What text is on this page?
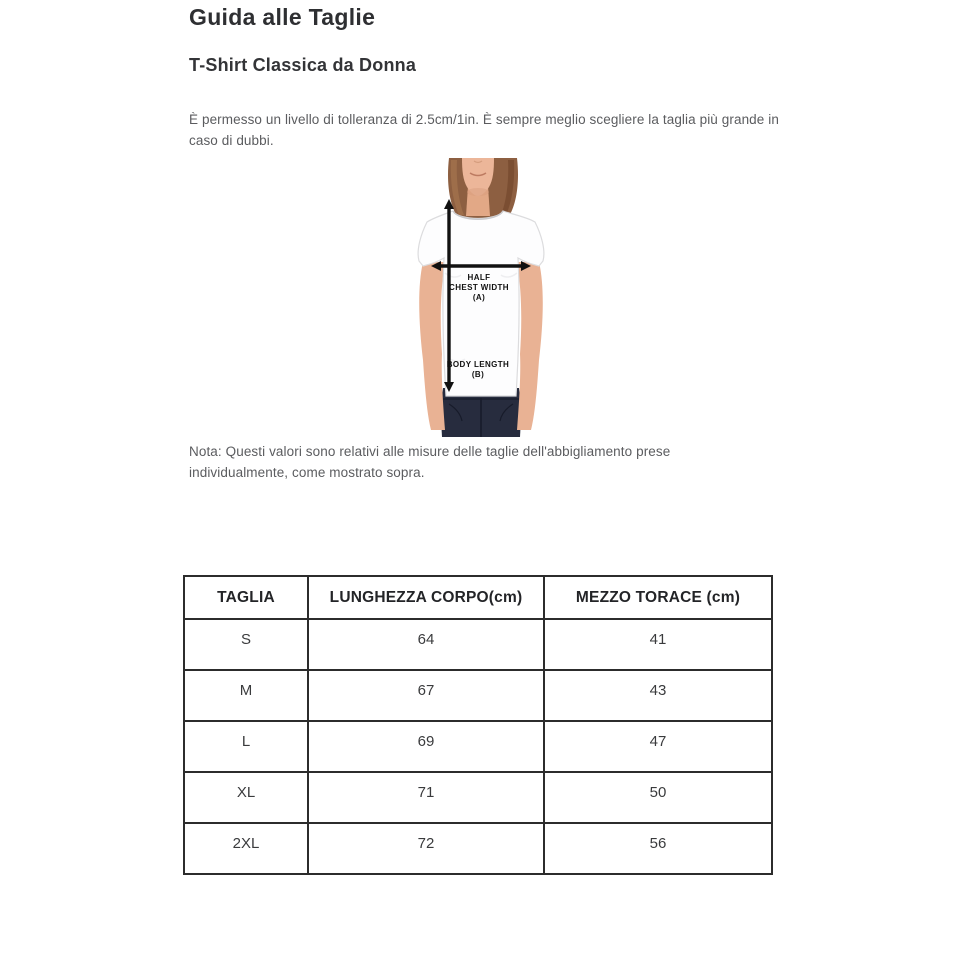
Guida alle Taglie
T-Shirt Classica da Donna

È permesso un livello di tolleranza di 2.5cm/1in. È sempre meglio scegliere la taglia più grande in caso di dubbi.

HALF
CHEST WIDTH
(A)
BODY LENGTH
(B)

Nota: Questi valori sono relativi alle misure delle taglie dell'abbigliamento prese individualmente, come mostrato sopra.

TAGLIA	LUNGHEZZA CORPO(cm)	MEZZO TORACE (cm)
S	64	41
M	67	43
L	69	47
XL	71	50
2XL	72	56
